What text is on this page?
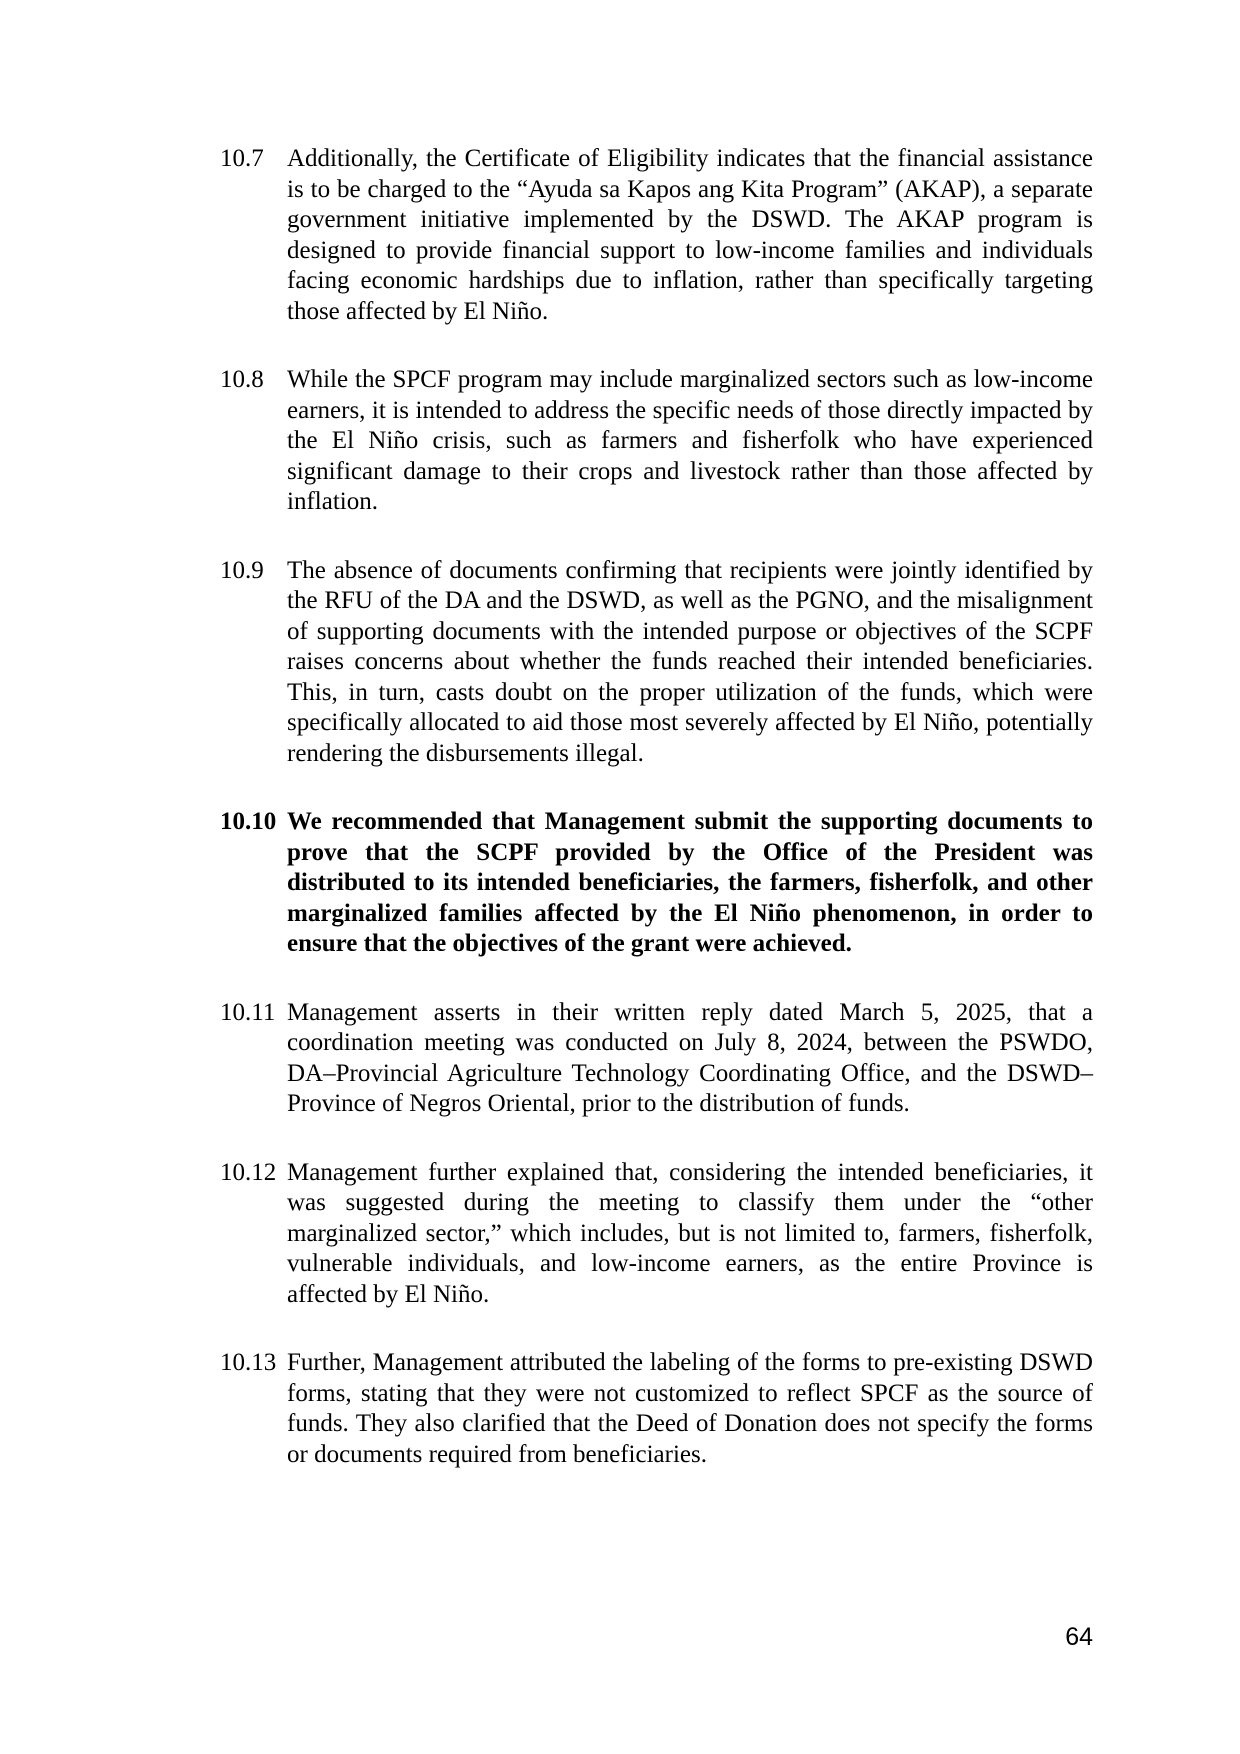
10.7 Additionally, the Certificate of Eligibility indicates that the financial assistance is to be charged to the “Ayuda sa Kapos ang Kita Program” (AKAP), a separate government initiative implemented by the DSWD. The AKAP program is designed to provide financial support to low-income families and individuals facing economic hardships due to inflation, rather than specifically targeting those affected by El Niño.

10.8 While the SPCF program may include marginalized sectors such as low-income earners, it is intended to address the specific needs of those directly impacted by the El Niño crisis, such as farmers and fisherfolk who have experienced significant damage to their crops and livestock rather than those affected by inflation.

10.9 The absence of documents confirming that recipients were jointly identified by the RFU of the DA and the DSWD, as well as the PGNO, and the misalignment of supporting documents with the intended purpose or objectives of the SCPF raises concerns about whether the funds reached their intended beneficiaries. This, in turn, casts doubt on the proper utilization of the funds, which were specifically allocated to aid those most severely affected by El Niño, potentially rendering the disbursements illegal.

10.10 We recommended that Management submit the supporting documents to prove that the SCPF provided by the Office of the President was distributed to its intended beneficiaries, the farmers, fisherfolk, and other marginalized families affected by the El Niño phenomenon, in order to ensure that the objectives of the grant were achieved.

10.11 Management asserts in their written reply dated March 5, 2025, that a coordination meeting was conducted on July 8, 2024, between the PSWDO, DA–Provincial Agriculture Technology Coordinating Office, and the DSWD–Province of Negros Oriental, prior to the distribution of funds.

10.12 Management further explained that, considering the intended beneficiaries, it was suggested during the meeting to classify them under the “other marginalized sector,” which includes, but is not limited to, farmers, fisherfolk, vulnerable individuals, and low-income earners, as the entire Province is affected by El Niño.

10.13 Further, Management attributed the labeling of the forms to pre-existing DSWD forms, stating that they were not customized to reflect SPCF as the source of funds. They also clarified that the Deed of Donation does not specify the forms or documents required from beneficiaries.

64
